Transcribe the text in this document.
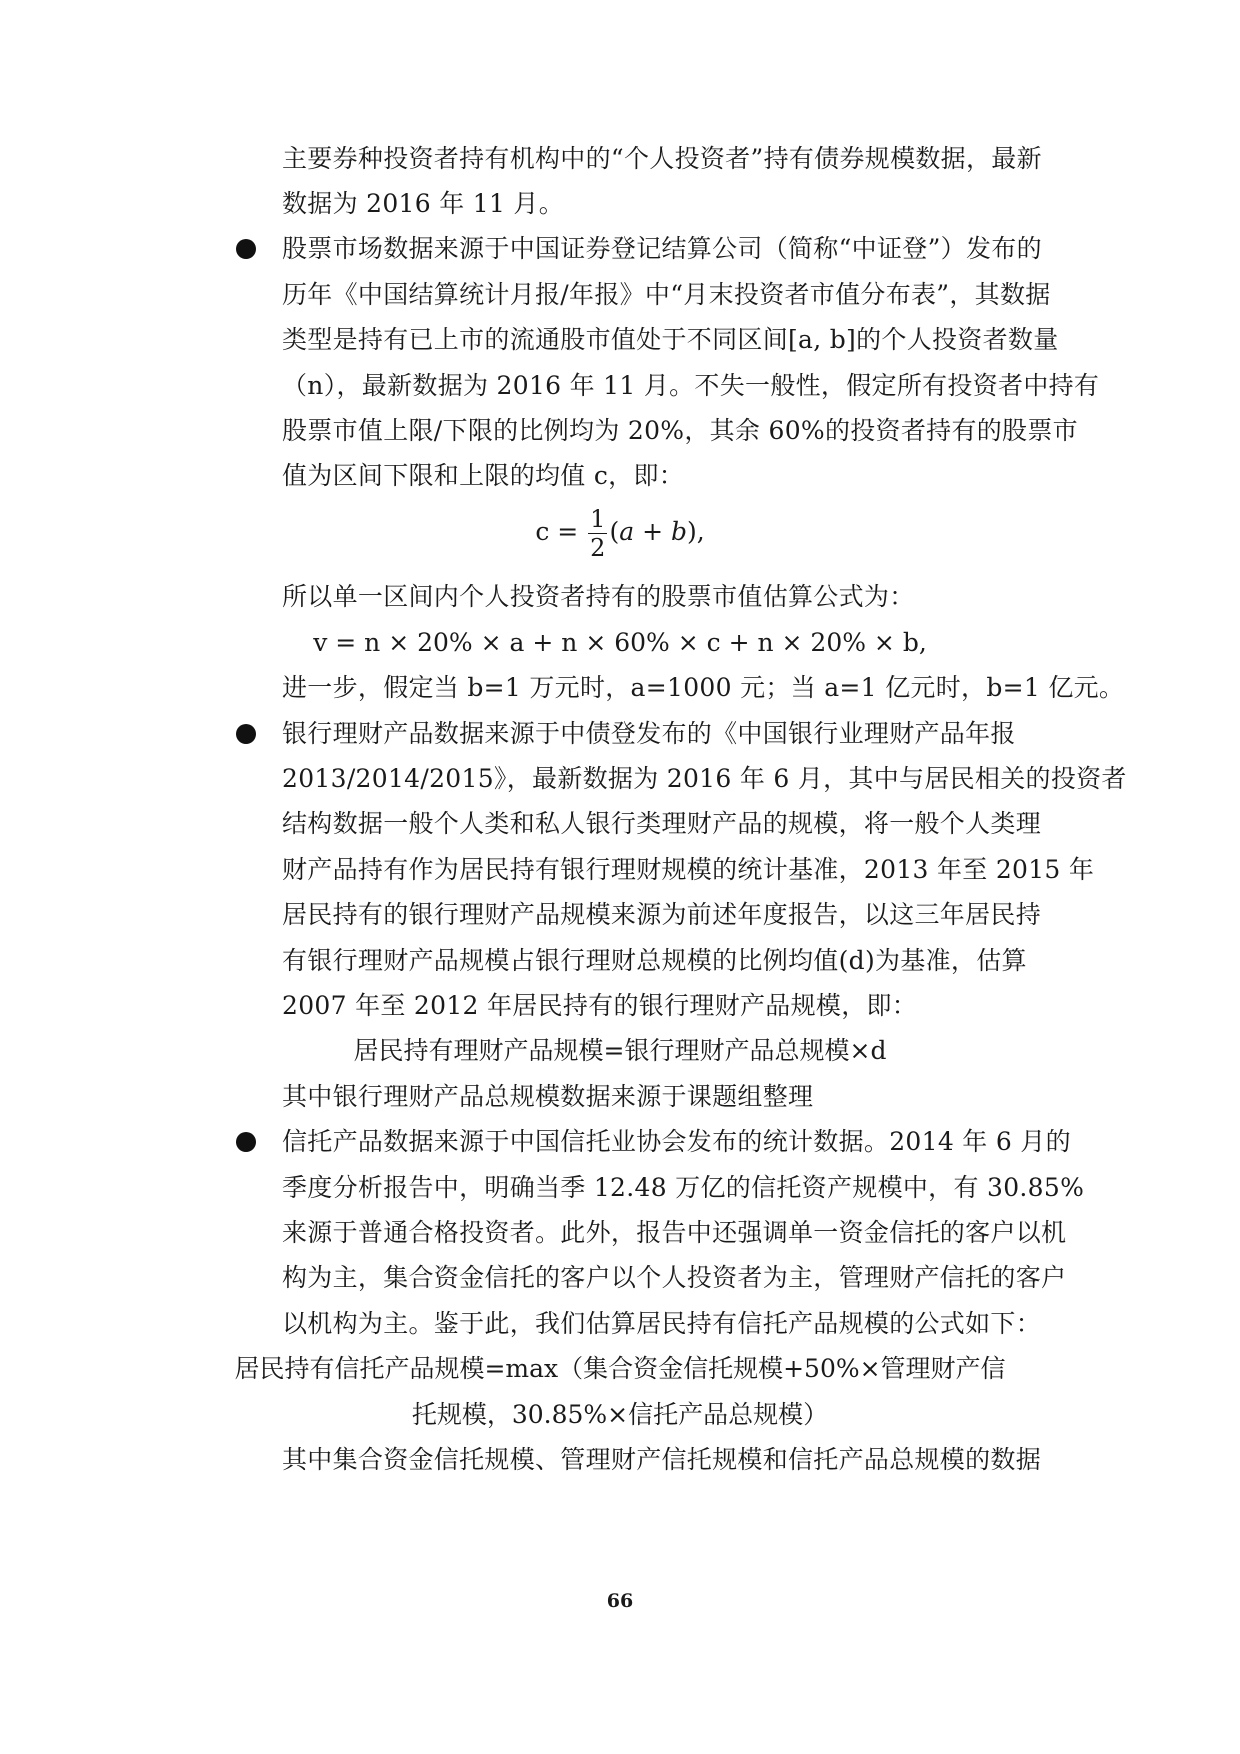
主要券种投资者持有机构中的“个人投资者”持有债券规模数据，最新
数据为 2016 年 11 月。
股票市场数据来源于中国证券登记结算公司（简称“中证登”）发布的
历年《中国结算统计月报/年报》中“月末投资者市值分布表”，其数据
类型是持有已上市的流通股市值处于不同区间[a, b]的个人投资者数量
（n），最新数据为 2016 年 11 月。不失一般性，假定所有投资者中持有
股票市值上限/下限的比例均为 20%，其余 60%的投资者持有的股票市
值为区间下限和上限的均值 c，即：
$c = \frac{1}{2} (a + b)$,
所以单一区间内个人投资者持有的股票市值估算公式为：
v = n × 20% × a + n × 60% × c + n × 20% × b,
进一步，假定当 b=1 万元时，a=1000 元；当 a=1 亿元时，b=1 亿元。
银行理财产品数据来源于中债登发布的《中国银行业理财产品年报
2013/2014/2015》，最新数据为 2016 年 6 月，其中与居民相关的投资者
结构数据一般个人类和私人银行类理财产品的规模，将一般个人类理
财产品持有作为居民持有银行理财规模的统计基准，2013 年至 2015 年
居民持有的银行理财产品规模来源为前述年度报告，以这三年居民持
有银行理财产品规模占银行理财总规模的比例均值(d)为基准，估算
2007 年至 2012 年居民持有的银行理财产品规模，即：
居民持有理财产品规模=银行理财产品总规模×d
其中银行理财产品总规模数据来源于课题组整理
信托产品数据来源于中国信托业协会发布的统计数据。2014 年 6 月的
季度分析报告中，明确当季 12.48 万亿的信托资产规模中，有 30.85%
来源于普通合格投资者。此外，报告中还强调单一资金信托的客户以机
构为主，集合资金信托的客户以个人投资者为主，管理财产信托的客户
以机构为主。鉴于此，我们估算居民持有信托产品规模的公式如下：
居民持有信托产品规模=max（集合资金信托规模+50%×管理财产信
托规模，30.85%×信托产品总规模）
其中集合资金信托规模、管理财产信托规模和信托产品总规模的数据
66
